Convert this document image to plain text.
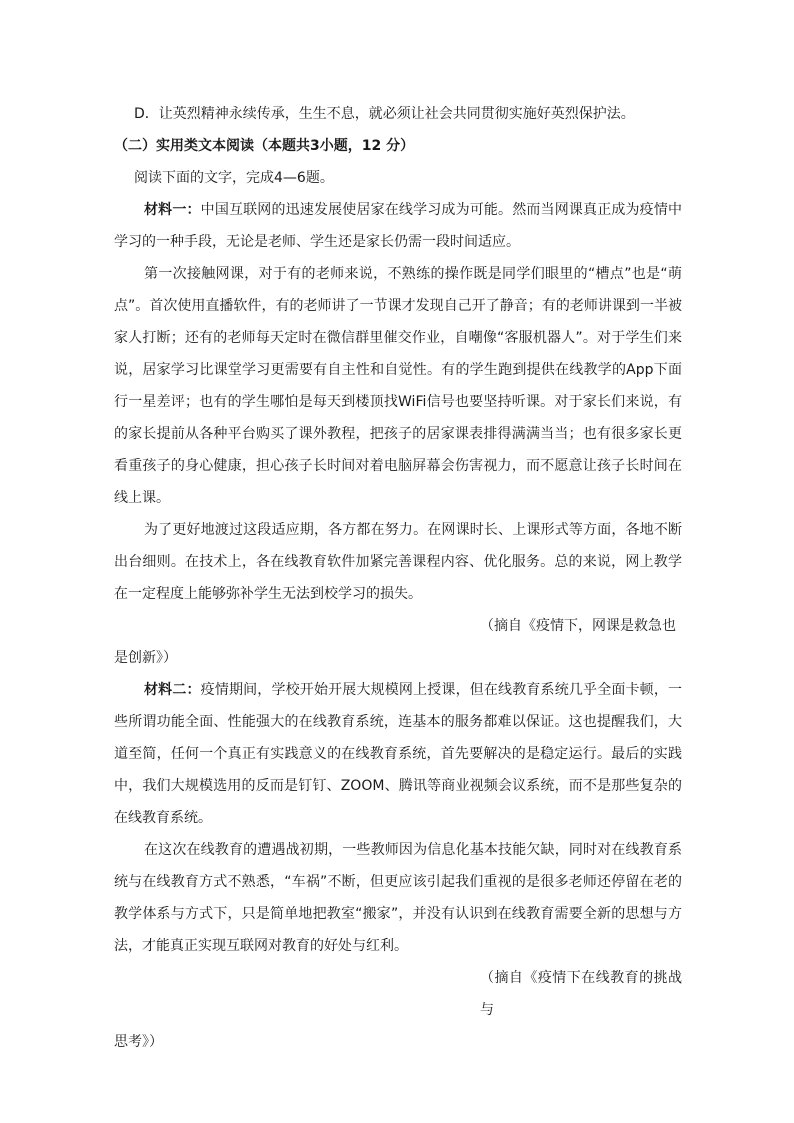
D．让英烈精神永续传承，生生不息，就必须让社会共同贯彻实施好英烈保护法。

（二）实用类文本阅读（本题共3小题，12 分）

阅读下面的文字，完成4—6题。

材料一：中国互联网的迅速发展使居家在线学习成为可能。然而当网课真正成为疫情中学习的一种手段，无论是老师、学生还是家长仍需一段时间适应。

第一次接触网课，对于有的老师来说，不熟练的操作既是同学们眼里的“槽点”也是“萌点”。首次使用直播软件，有的老师讲了一节课才发现自己开了静音；有的老师讲课到一半被家人打断；还有的老师每天定时在微信群里催交作业，自嘲像“客服机器人”。对于学生们来说，居家学习比课堂学习更需要有自主性和自觉性。有的学生跑到提供在线教学的App下面行一星差评；也有的学生哪怕是每天到楼顶找WiFi信号也要坚持听课。对于家长们来说，有的家长提前从各种平台购买了课外教程，把孩子的居家课表排得满满当当；也有很多家长更看重孩子的身心健康，担心孩子长时间对着电脑屏幕会伤害视力，而不愿意让孩子长时间在线上课。

为了更好地渡过这段适应期，各方都在努力。在网课时长、上课形式等方面，各地不断出台细则。在技术上，各在线教育软件加紧完善课程内容、优化服务。总的来说，网上教学在一定程度上能够弥补学生无法到校学习的损失。

（摘自《疫情下，网课是救急也

是创新》）

材料二：疫情期间，学校开始开展大规模网上授课，但在线教育系统几乎全面卡顿，一些所谓功能全面、性能强大的在线教育系统，连基本的服务都难以保证。这也提醒我们，大道至简，任何一个真正有实践意义的在线教育系统，首先要解决的是稳定运行。最后的实践中，我们大规模选用的反而是钉钉、ZOOM、腾讯等商业视频会议系统，而不是那些复杂的在线教育系统。

在这次在线教育的遭遇战初期，一些教师因为信息化基本技能欠缺，同时对在线教育系统与在线教育方式不熟悉，“车祸”不断，但更应该引起我们重视的是很多老师还停留在老的教学体系与方式下，只是简单地把教室“搬家”，并没有认识到在线教育需要全新的思想与方法，才能真正实现互联网对教育的好处与红利。

（摘自《疫情下在线教育的挑战与

思考》）
